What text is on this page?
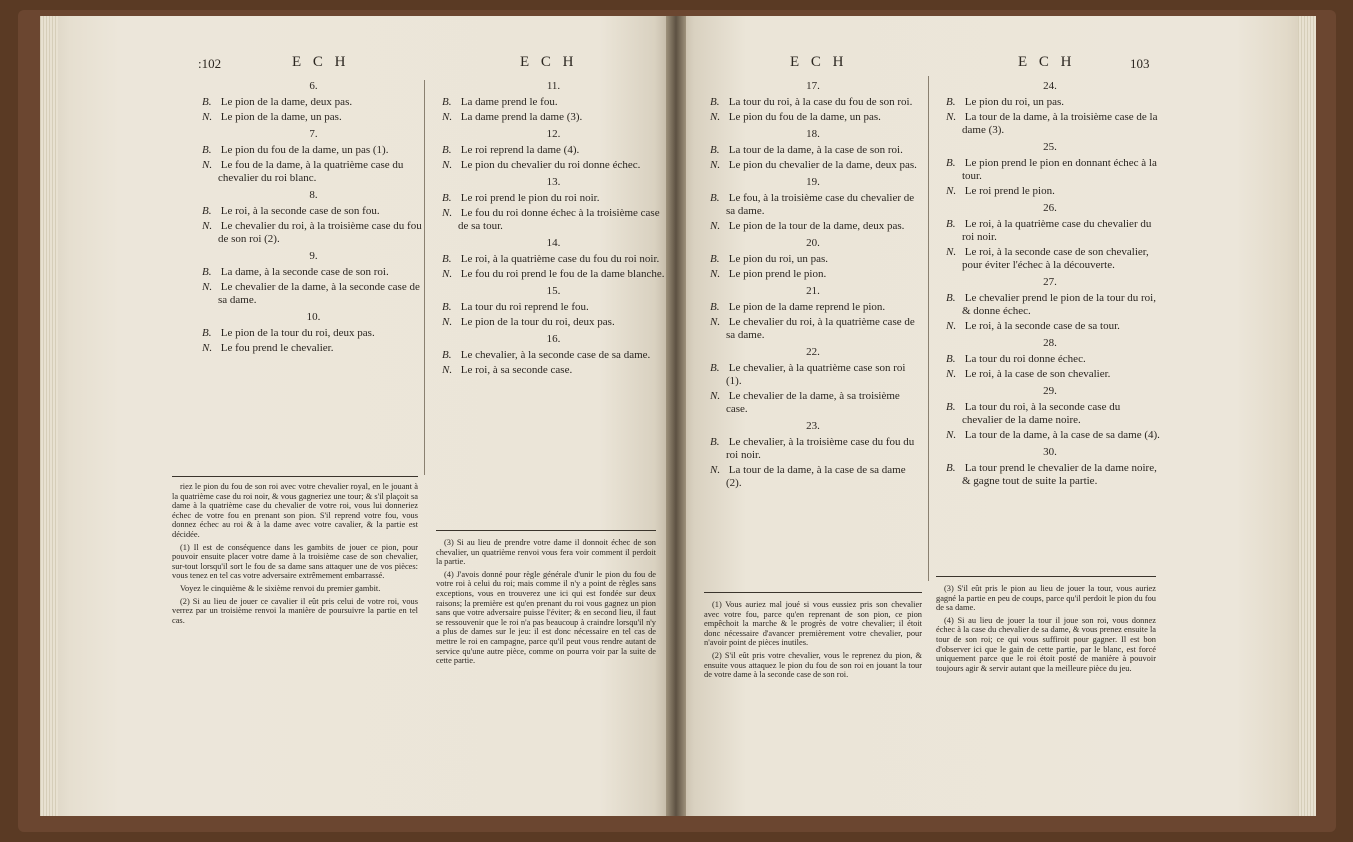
:102	E C H	E C H
6.
B. Le pion de la dame, deux pas.
N. Le pion de la dame, un pas.
7.
B. Le pion du fou de la dame, un pas (1).
N. Le fou de la dame, à la quatrième case du chevalier du roi blanc.
8.
B. Le roi, à la seconde case de son fou.
N. Le chevalier du roi, à la troisième case du fou de son roi (2).
9.
B. La dame, à la seconde case de son roi.
N. Le chevalier de la dame, à la seconde case de sa dame.
10.
B. Le pion de la tour du roi, deux pas.
N. Le fou prend le chevalier.
11.
B. La dame prend le fou.
N. La dame prend la dame (3).
12.
B. Le roi reprend la dame (4).
N. Le pion du chevalier du roi donne échec.
13.
B. Le roi prend le pion du roi noir.
N. Le fou du roi donne échec à la troisième case de sa tour.
14.
B. Le roi, à la quatrième case du fou du roi noir.
N. Le fou du roi prend le fou de la dame blanche.
15.
B. La tour du roi reprend le fou.
N. Le pion de la tour du roi, deux pas.
16.
B. Le chevalier, à la seconde case de sa dame.
N. Le roi, à sa seconde case.

riez le pion du fou de son roi avec votre chevalier royal, en le jouant à la quatrième case du roi noir, & vous gagneriez une tour; & s'il plaçoit sa dame à la quatrième case du chevalier de votre roi, vous lui donneriez échec de votre fou en prenant son pion. S'il reprend votre fou, vous donnez échec au roi & à la dame avec votre cavalier, & la partie est décidée.

(1) Il est de conséquence dans les gambits de jouer ce pion, pour pouvoir ensuite placer votre dame à la troisième case de son chevalier, sur-tout lorsqu'il sort le fou de sa dame sans attaquer une de vos pièces: vous tenez en tel cas votre adversaire extrêmement embarrassé.

Voyez le cinquième & le sixième renvoi du premier gambit.

(2) Si au lieu de jouer ce cavalier il eût pris celui de votre roi, vous verrez par un troisième renvoi la manière de poursuivre la partie en tel cas.

(3) Si au lieu de prendre votre dame il donnoit échec de son chevalier, un quatrième renvoi vous fera voir comment il perdoit la partie.

(4) J'avois donné pour règle générale d'unir le pion du fou de votre roi à celui du roi; mais comme il n'y a point de règles sans exceptions, vous en trouverez une ici qui est fondée sur deux raisons; la première est qu'en prenant du roi vous gagnez un pion sans que votre adversaire puisse l'éviter; & en second lieu, il faut se ressouvenir que le roi n'a pas beaucoup à craindre lorsqu'il n'y a plus de dames sur le jeu: il est donc nécessaire en tel cas de mettre le roi en campagne, parce qu'il peut vous rendre autant de service qu'une autre pièce, comme on pourra voir par la suite de cette partie.

E C H	E C H	103
17.
B. La tour du roi, à la case du fou de son roi.
N. Le pion du fou de la dame, un pas.
18.
B. La tour de la dame, à la case de son roi.
N. Le pion du chevalier de la dame, deux pas.
19.
B. Le fou, à la troisième case du chevalier de sa dame.
N. Le pion de la tour de la dame, deux pas.
20.
B. Le pion du roi, un pas.
N. Le pion prend le pion.
21.
B. Le pion de la dame reprend le pion.
N. Le chevalier du roi, à la quatrième case de sa dame.
22.
B. Le chevalier, à la quatrième case son roi (1).
N. Le chevalier de la dame, à sa troisième case.
23.
B. Le chevalier, à la troisième case du fou du roi noir.
N. La tour de la dame, à la case de sa dame (2).
24.
B. Le pion du roi, un pas.
N. La tour de la dame, à la troisième case de la dame (3).
25.
B. Le pion prend le pion en donnant échec à la tour.
N. Le roi prend le pion.
26.
B. Le roi, à la quatrième case du chevalier du roi noir.
N. Le roi, à la seconde case de son chevalier, pour éviter l'échec à la découverte.
27.
B. Le chevalier prend le pion de la tour du roi, & donne échec.
N. Le roi, à la seconde case de sa tour.
28.
B. La tour du roi donne échec.
N. Le roi, à la case de son chevalier.
29.
B. La tour du roi, à la seconde case du chevalier de la dame noire.
N. La tour de la dame, à la case de sa dame (4).
30.
B. La tour prend le chevalier de la dame noire, & gagne tout de suite la partie.

(1) Vous auriez mal joué si vous eussiez pris son chevalier avec votre fou, parce qu'en reprenant de son pion, ce pion empêchoit la marche & le progrès de votre chevalier; il étoit donc nécessaire d'avancer premièrement votre chevalier, pour n'avoir point de pièces inutiles.

(2) S'il eût pris votre chevalier, vous le reprenez du pion, & ensuite vous attaquez le pion du fou de son roi en jouant la tour de votre dame à la seconde case de son roi.

(3) S'il eût pris le pion au lieu de jouer la tour, vous auriez gagné la partie en peu de coups, parce qu'il perdoit le pion du fou de sa dame.

(4) Si au lieu de jouer la tour il joue son roi, vous donnez échec à la case du chevalier de sa dame, & vous prenez ensuite la tour de son roi; ce qui vous suffiroit pour gagner. Il est bon d'observer ici que le gain de cette partie, par le blanc, est forcé uniquement parce que le roi étoit posté de manière à pouvoir toujours agir & servir autant que la meilleure pièce du jeu.
